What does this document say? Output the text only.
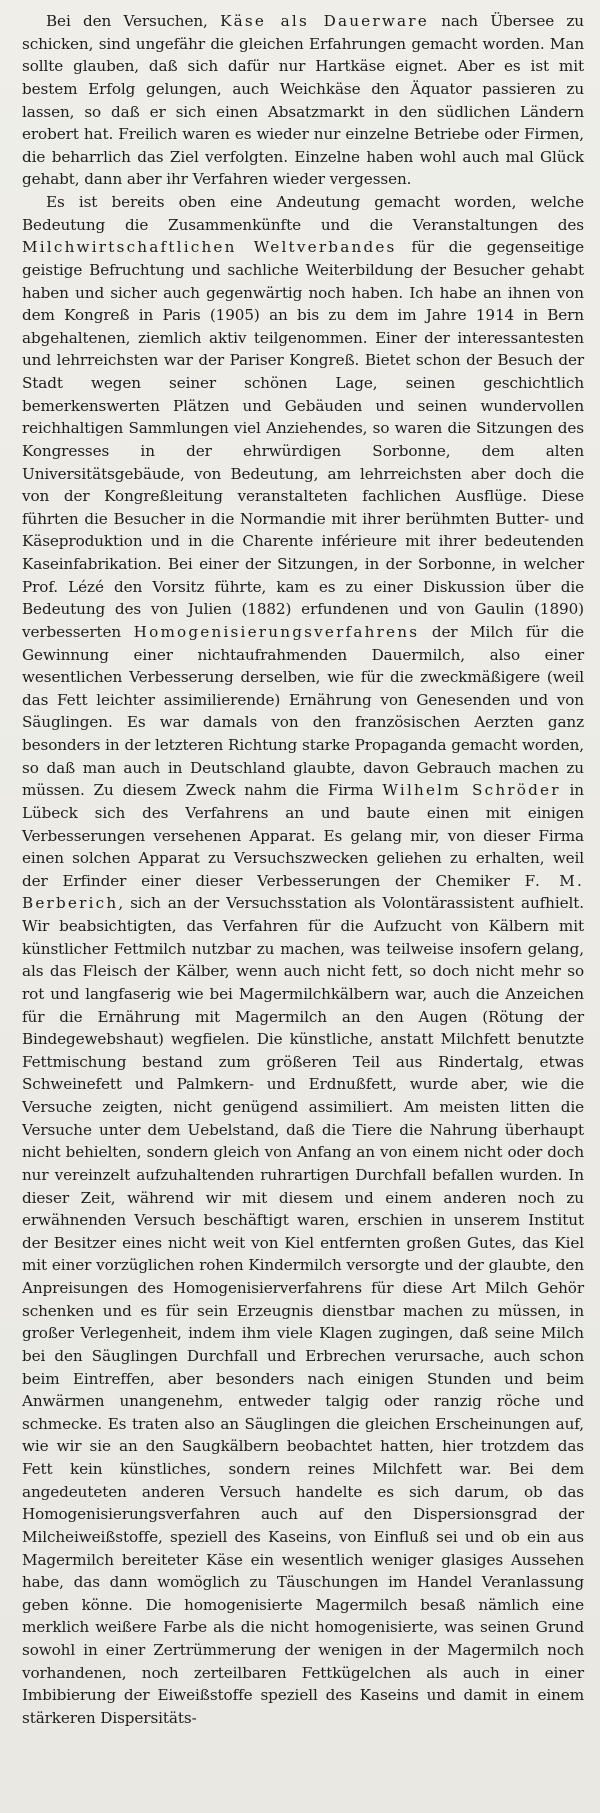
Bei den Versuchen, Käse als Dauerware nach Übersee zu schicken, sind ungefähr die gleichen Erfahrungen gemacht worden. Man sollte glauben, daß sich dafür nur Hartkäse eignet. Aber es ist mit bestem Erfolg gelungen, auch Weichkäse den Äquator passieren zu lassen, so daß er sich einen Absatzmarkt in den südlichen Ländern erobert hat. Freilich waren es wieder nur einzelne Betriebe oder Firmen, die beharrlich das Ziel verfolgten. Einzelne haben wohl auch mal Glück gehabt, dann aber ihr Verfahren wieder vergessen.

Es ist bereits oben eine Andeutung gemacht worden, welche Bedeutung die Zusammenkünfte und die Veranstaltungen des Milchwirtschaftlichen Weltverbandes für die gegenseitige geistige Befruchtung und sachliche Weiterbildung der Besucher gehabt haben und sicher auch gegenwärtig noch haben. Ich habe an ihnen von dem Kongreß in Paris (1905) an bis zu dem im Jahre 1914 in Bern abgehaltenen, ziemlich aktiv teilgenommen. Einer der interessantesten und lehrreichsten war der Pariser Kongreß. Bietet schon der Besuch der Stadt wegen seiner schönen Lage, seinen geschichtlich bemerkenswerten Plätzen und Gebäuden und seinen wundervollen reichhaltigen Sammlungen viel Anziehendes, so waren die Sitzungen des Kongresses in der ehrwürdigen Sorbonne, dem alten Universitätsgebäude, von Bedeutung, am lehrreichsten aber doch die von der Kongreßleitung veranstalteten fachlichen Ausflüge. Diese führten die Besucher in die Normandie mit ihrer berühmten Butter- und Käseproduktion und in die Charente inférieure mit ihrer bedeutenden Kaseinfabrikation. Bei einer der Sitzungen, in der Sorbonne, in welcher Prof. Lézé den Vorsitz führte, kam es zu einer Diskussion über die Bedeutung des von Julien (1882) erfundenen und von Gaulin (1890) verbesserten Homogenisierungsverfahrens der Milch für die Gewinnung einer nichtaufrahmenden Dauermilch, also einer wesentlichen Verbesserung derselben, wie für die zweckmäßigere (weil das Fett leichter assimilierende) Ernährung von Genesenden und von Säuglingen. Es war damals von den französischen Aerzten ganz besonders in der letzteren Richtung starke Propaganda gemacht worden, so daß man auch in Deutschland glaubte, davon Gebrauch machen zu müssen. Zu diesem Zweck nahm die Firma Wilhelm Schröder in Lübeck sich des Verfahrens an und baute einen mit einigen Verbesserungen versehenen Apparat. Es gelang mir, von dieser Firma einen solchen Apparat zu Versuchszwecken geliehen zu erhalten, weil der Erfinder einer dieser Verbesserungen der Chemiker F. M. Berberich, sich an der Versuchsstation als Volontärassistent aufhielt. Wir beabsichtigten, das Verfahren für die Aufzucht von Kälbern mit künstlicher Fettmilch nutzbar zu machen, was teilweise insofern gelang, als das Fleisch der Kälber, wenn auch nicht fett, so doch nicht mehr so rot und langfaserig wie bei Magermilchkälbern war, auch die Anzeichen für die Ernährung mit Magermilch an den Augen (Rötung der Bindegewebshaut) wegfielen. Die künstliche, anstatt Milchfett benutzte Fettmischung bestand zum größeren Teil aus Rindertalg, etwas Schweinefett und Palmkern- und Erdnußfett, wurde aber, wie die Versuche zeigten, nicht genügend assimiliert. Am meisten litten die Versuche unter dem Uebelstand, daß die Tiere die Nahrung überhaupt nicht behielten, sondern gleich von Anfang an von einem nicht oder doch nur vereinzelt aufzuhaltenden ruhrartigen Durchfall befallen wurden. In dieser Zeit, während wir mit diesem und einem anderen noch zu erwähnenden Versuch beschäftigt waren, erschien in unserem Institut der Besitzer eines nicht weit von Kiel entfernten großen Gutes, das Kiel mit einer vorzüglichen rohen Kindermilch versorgte und der glaubte, den Anpreisungen des Homogenisierverfahrens für diese Art Milch Gehör schenken und es für sein Erzeugnis dienstbar machen zu müssen, in großer Verlegenheit, indem ihm viele Klagen zugingen, daß seine Milch bei den Säuglingen Durchfall und Erbrechen verursache, auch schon beim Eintreffen, aber besonders nach einigen Stunden und beim Anwärmen unangenehm, entweder talgig oder ranzig röche und schmecke. Es traten also an Säuglingen die gleichen Erscheinungen auf, wie wir sie an den Saugkälbern beobachtet hatten, hier trotzdem das Fett kein künstliches, sondern reines Milchfett war. Bei dem angedeuteten anderen Versuch handelte es sich darum, ob das Homogenisierungsverfahren auch auf den Dispersionsgrad der Milcheiweißstoffe, speziell des Kaseins, von Einfluß sei und ob ein aus Magermilch bereiteter Käse ein wesentlich weniger glasiges Aussehen habe, das dann womöglich zu Täuschungen im Handel Veranlassung geben könne. Die homogenisierte Magermilch besaß nämlich eine merklich weißere Farbe als die nicht homogenisierte, was seinen Grund sowohl in einer Zertrümmerung der wenigen in der Magermilch noch vorhandenen, noch zerteilbaren Fettkügelchen als auch in einer Imbibierung der Eiweißstoffe speziell des Kaseins und damit in einem stärkeren Dispersitäts-
